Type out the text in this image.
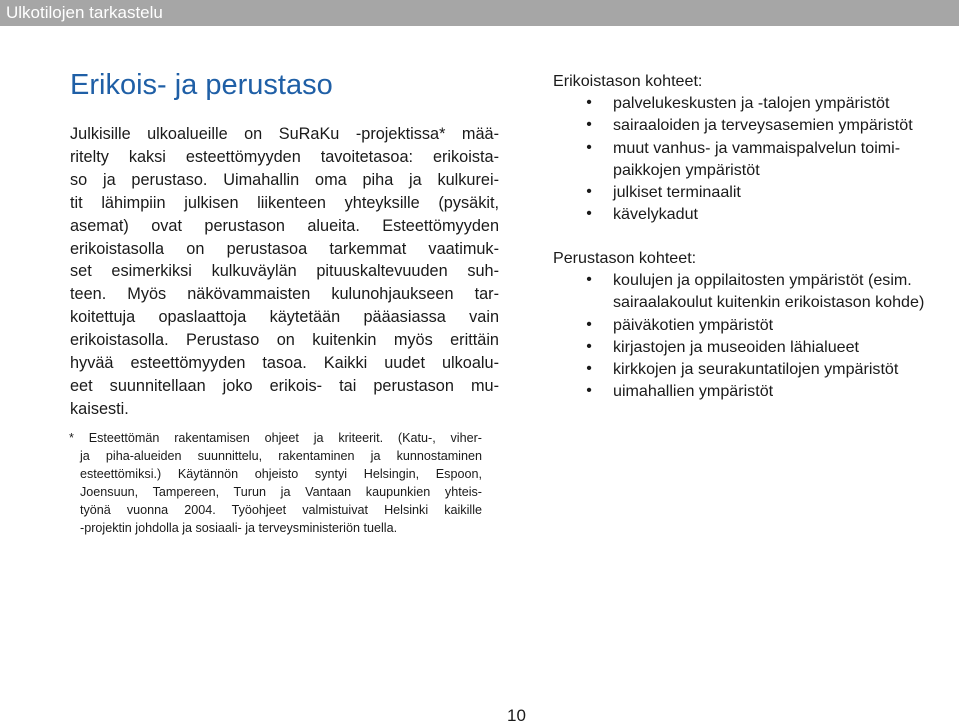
Ulkotilojen tarkastelu
Erikois- ja perustaso
Julkisille ulkoalueille on SuRaKu -projektissa* mää-
ritelty kaksi esteettömyyden tavoitetasoa: erikoista-
so ja perustaso. Uimahallin oma piha ja kulkurei-
tit lähimpiin julkisen liikenteen yhteyksille (pysäkit,
asemat) ovat perustason alueita. Esteettömyyden
erikoistasolla on perustasoa tarkemmat vaatimuk-
set esimerkiksi kulkuväylän pituuskaltevuuden suh-
teen. Myös näkövammaisten kulunohjaukseen tar-
koitettuja opaslaattoja käytetään pääasiassa vain
erikoistasolla. Perustaso on kuitenkin myös erittäin
hyvää esteettömyyden tasoa. Kaikki uudet ulkoalu-
eet suunnitellaan joko erikois- tai perustason mu-
kaisesti.
* Esteettömän rakentamisen ohjeet ja kriteerit. (Katu-, viher-
ja piha-alueiden suunnittelu, rakentaminen ja kunnostaminen
esteettömiksi.) Käytännön ohjeisto syntyi Helsingin, Espoon,
Joensuun, Tampereen, Turun ja Vantaan kaupunkien yhteis-
työnä vuonna 2004. Työohjeet valmistuivat Helsinki kaikille
-projektin johdolla ja sosiaali- ja terveysministeriön tuella.
Erikoistason kohteet:
• palvelukeskusten ja -talojen ympäristöt
• sairaaloiden ja terveysasemien ympäristöt
• muut vanhus- ja vammaispalvelun toimi-
paikkojen ympäristöt
• julkiset terminaalit
• kävelykadut
Perustason kohteet:
• koulujen ja oppilaitosten ympäristöt (esim.
sairaalakoulut kuitenkin erikoistason kohde)
• päiväkotien ympäristöt
• kirjastojen ja museoiden lähialueet
• kirkkojen ja seurakuntatilojen ympäristöt
• uimahallien ympäristöt
10
